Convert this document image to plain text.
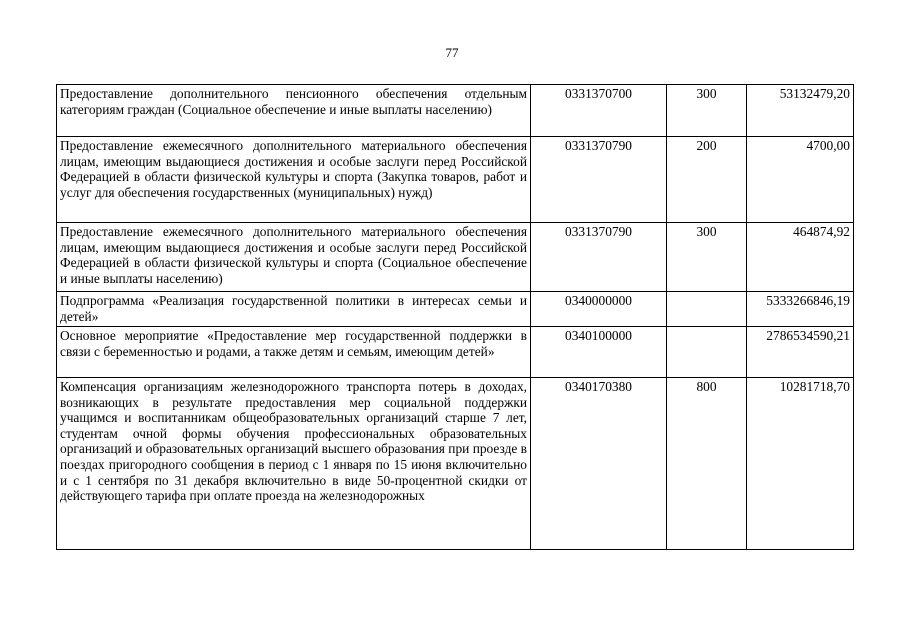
77
Предоставление дополнительного пенсионного обеспечения отдельным категориям граждан (Социальное обеспечение и иные выплаты населению)	0331370700	300	53132479,20
Предоставление ежемесячного дополнительного материального обеспечения лицам, имеющим выдающиеся достижения и особые заслуги перед Российской Федерацией в области физической культуры и спорта (Закупка товаров, работ и услуг для обеспечения государственных (муниципальных) нужд)	0331370790	200	4700,00
Предоставление ежемесячного дополнительного материального обеспечения лицам, имеющим выдающиеся достижения и особые заслуги перед Российской Федерацией в области физической культуры и спорта (Социальное обеспечение и иные выплаты населению)	0331370790	300	464874,92
Подпрограмма «Реализация государственной политики в интересах семьи и детей»	0340000000		5333266846,19
Основное мероприятие «Предоставление мер государственной поддержки в связи с беременностью и родами, а также детям и семьям, имеющим детей»	0340100000		2786534590,21
Компенсация организациям железнодорожного транспорта потерь в доходах, возникающих в результате предоставления мер социальной поддержки учащимся и воспитанникам общеобразовательных организаций старше 7 лет, студентам очной формы обучения профессиональных образовательных организаций и образовательных организаций высшего образования при проезде в поездах пригородного сообщения в период с 1 января по 15 июня включительно и с 1 сентября по 31 декабря включительно в виде 50-процентной скидки от действующего тарифа при оплате проезда на железнодорожных	0340170380	800	10281718,70
